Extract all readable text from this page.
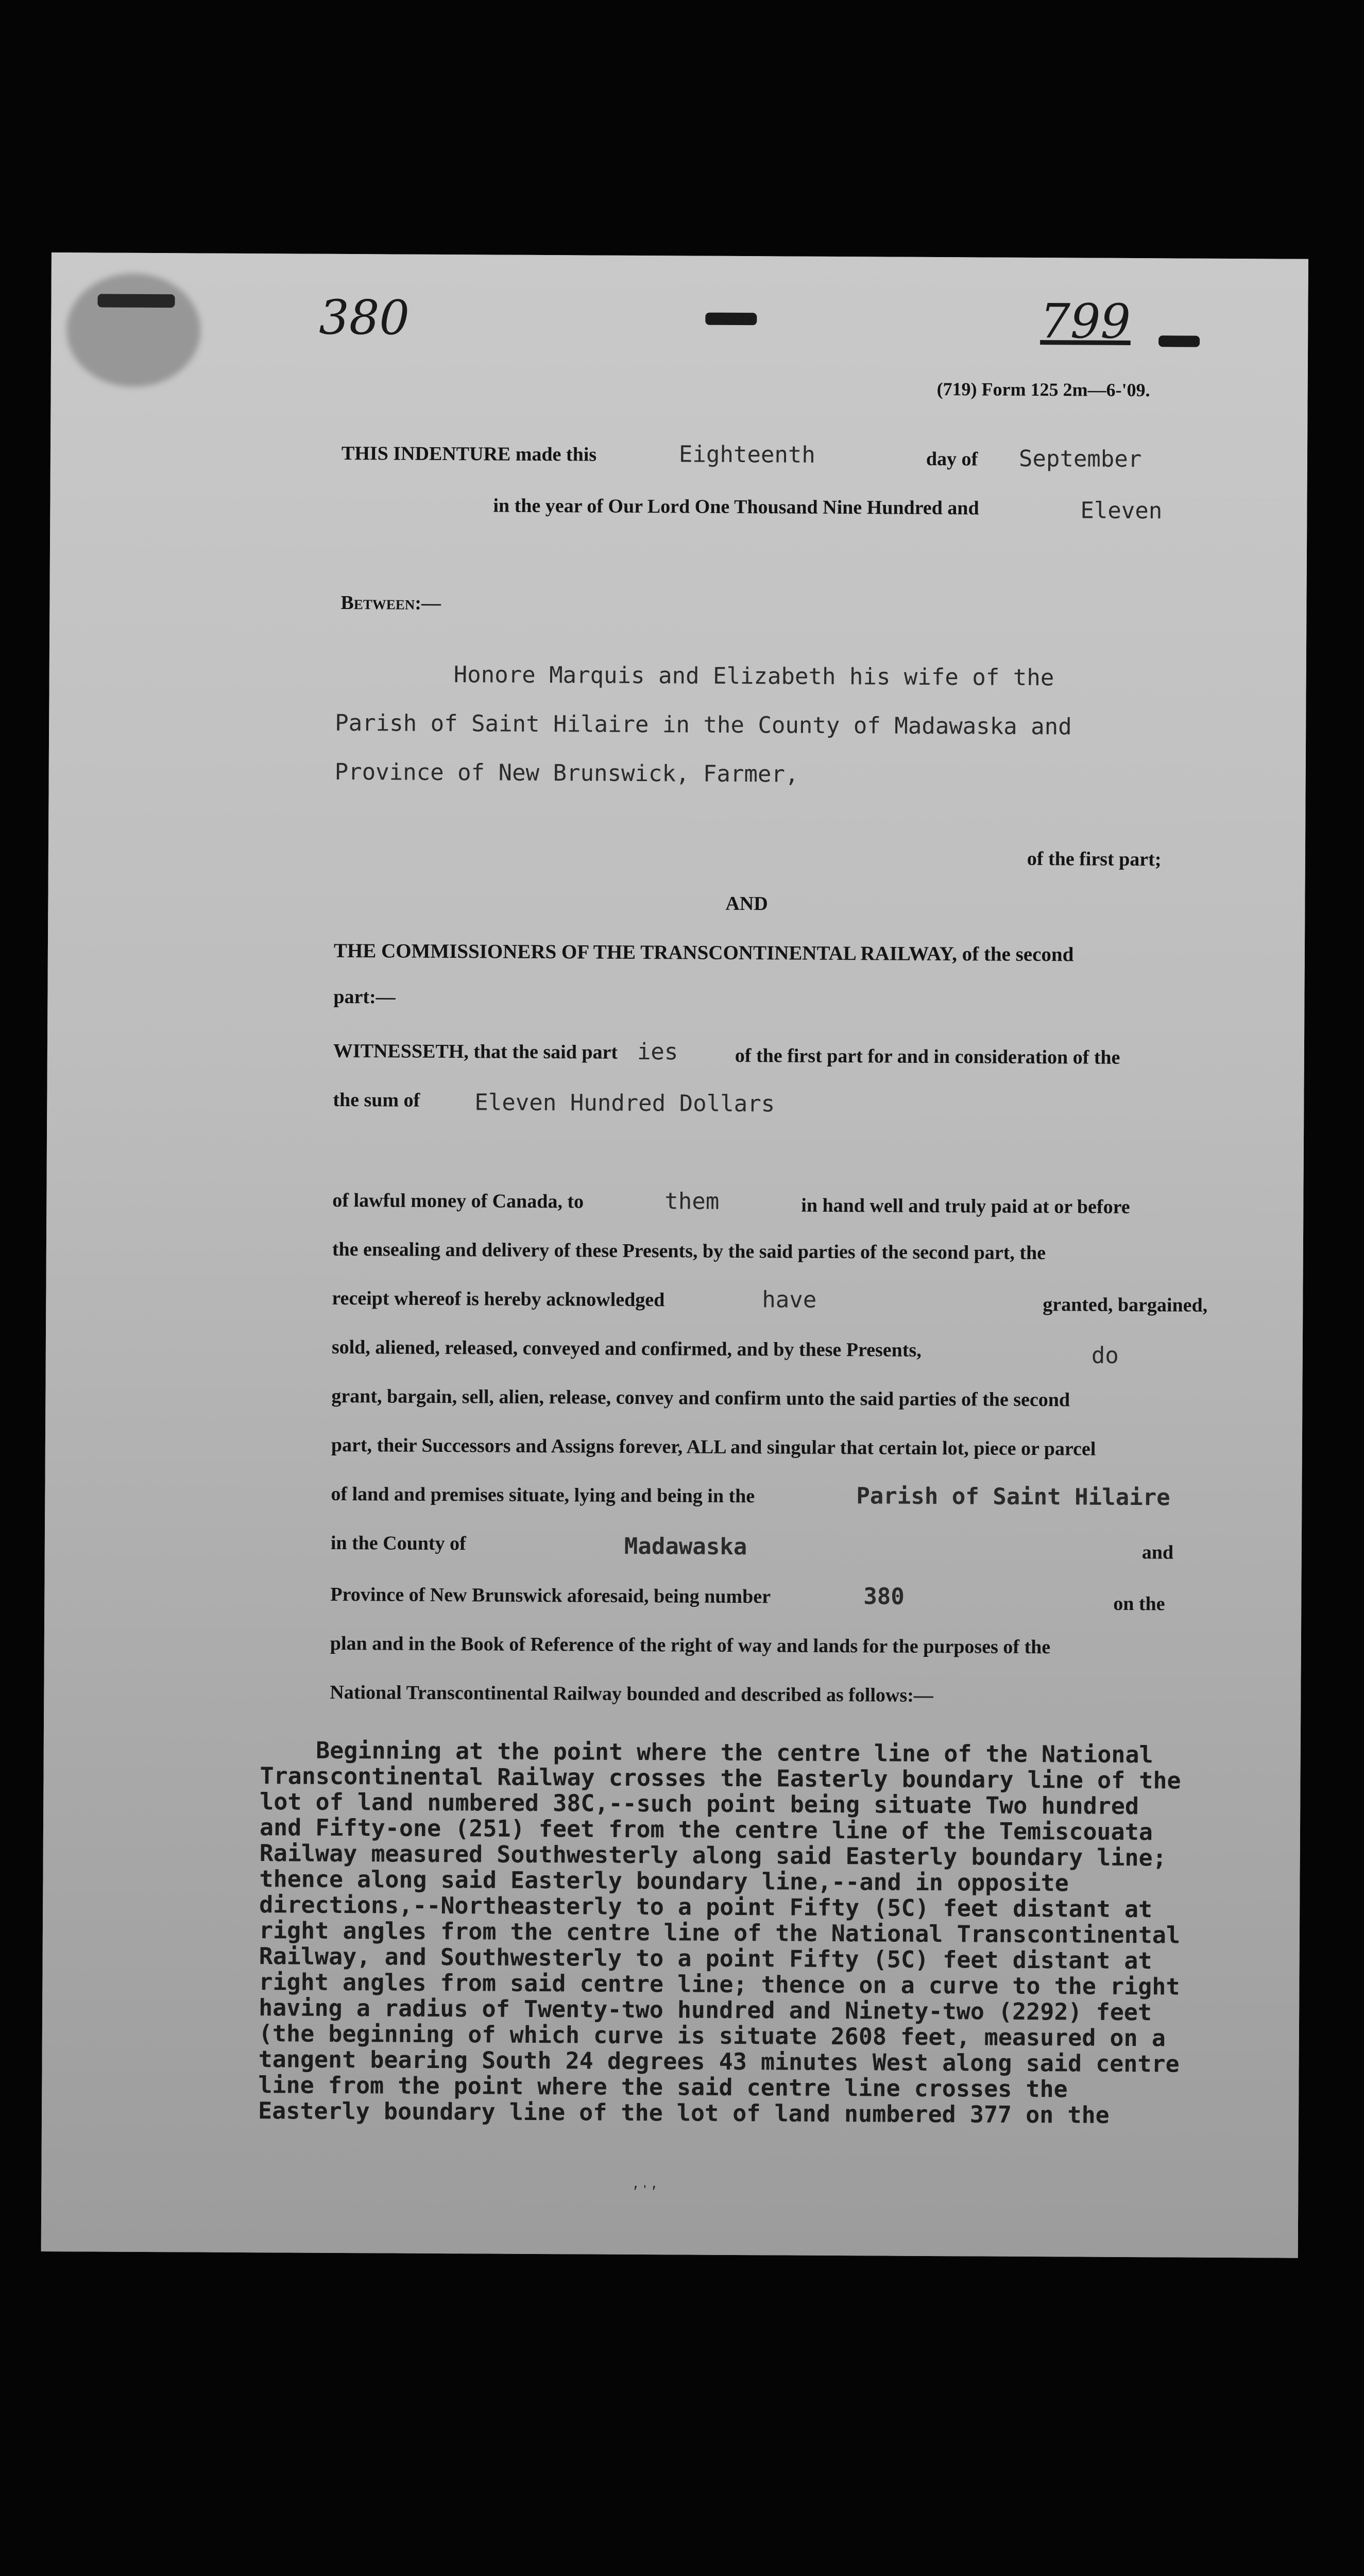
380	799
(719) Form 125 2m—6-'09.
THIS INDENTURE made this	Eighteenth	day of September
in the year of Our Lord One Thousand Nine Hundred and	Eleven
Between:—
Honore Marquis and Elizabeth his wife of the
Parish of Saint Hilaire in the County of Madawaska and
Province of New Brunswick, Farmer,
of the first part;
AND
THE COMMISSIONERS OF THE TRANSCONTINENTAL RAILWAY, of the second
part:—
WITNESSETH, that the said part ies	of the first part for and in consideration of the
the sum of Eleven Hundred Dollars
of lawful money of Canada, to	them	in hand well and truly paid at or before
the ensealing and delivery of these Presents, by the said parties of the second part, the
receipt whereof is hereby acknowledged	have	granted, bargained,
sold, aliened, released, conveyed and confirmed, and by these Presents,	do
grant, bargain, sell, alien, release, convey and confirm unto the said parties of the second
part, their Successors and Assigns forever, ALL and singular that certain lot, piece or parcel
of land and premises situate, lying and being in the	Parish of Saint Hilaire
in the County of	Madawaska	and
Province of New Brunswick aforesaid, being number	380	on the
plan and in the Book of Reference of the right of way and lands for the purposes of the
National Transcontinental Railway bounded and described as follows:—
Beginning at the point where the centre line of the National
Transcontinental Railway crosses the Easterly boundary line of the
lot of land numbered 38C,--such point being situate Two hundred
and Fifty-one (251) feet from the centre line of the Temiscouata
Railway measured Southwesterly along said Easterly boundary line;
thence along said Easterly boundary line,--and in opposite
directions,--Northeasterly to a point Fifty (5C) feet distant at
right angles from the centre line of the National Transcontinental
Railway, and Southwesterly to a point Fifty (5C) feet distant at
right angles from said centre line; thence on a curve to the right
having a radius of Twenty-two hundred and Ninety-two (2292) feet
(the beginning of which curve is situate 2608 feet, measured on a
tangent bearing South 24 degrees 43 minutes West along said centre
line from the point where the said centre line crosses the
Easterly boundary line of the lot of land numbered 377 on the
ʹ ˈ ʹ
